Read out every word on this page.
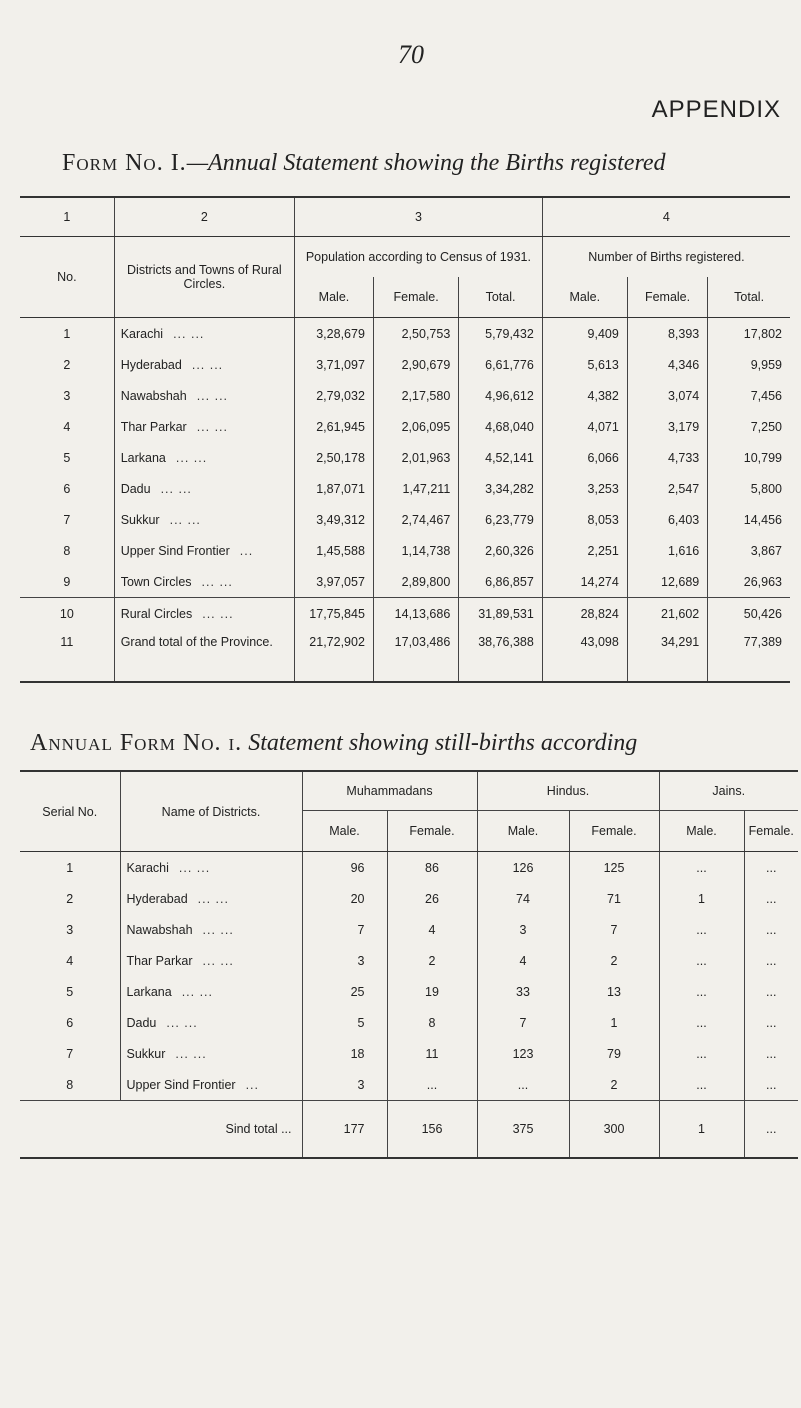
70
APPENDIX
Form No. I.—Annual Statement showing the Births registered
1	2	3			4		
No.	Districts and Towns of Rural Circles.	Population according to Census of 1931.			Number of Births registered.		
		Male.	Female.	Total.	Male.	Female.	Total.
1	Karachi ... ...	3,28,679	2,50,753	5,79,432	9,409	8,393	17,802
2	Hyderabad ... ...	3,71,097	2,90,679	6,61,776	5,613	4,346	9,959
3	Nawabshah ... ...	2,79,032	2,17,580	4,96,612	4,382	3,074	7,456
4	Thar Parkar ... ...	2,61,945	2,06,095	4,68,040	4,071	3,179	7,250
5	Larkana ... ...	2,50,178	2,01,963	4,52,141	6,066	4,733	10,799
6	Dadu ... ...	1,87,071	1,47,211	3,34,282	3,253	2,547	5,800
7	Sukkur ... ...	3,49,312	2,74,467	6,23,779	8,053	6,403	14,456
8	Upper Sind Frontier ...	1,45,588	1,14,738	2,60,326	2,251	1,616	3,867
9	Town Circles ... ...	3,97,057	2,89,800	6,86,857	14,274	12,689	26,963
10	Rural Circles ... ...	17,75,845	14,13,686	31,89,531	28,824	21,602	50,426
11	Grand total of the Province.	21,72,902	17,03,486	38,76,388	43,098	34,291	77,389
Annual Form No. i. Statement showing still-births according
Serial No.	Name of Districts.	Muhammadans		Hindus.		Jains.	
		Male.	Female.	Male.	Female.	Male.	Female.
1	Karachi ... ...	96	86	126	125	...	...
2	Hyderabad ... ...	20	26	74	71	1	...
3	Nawabshah ... ...	7	4	3	7	...	...
4	Thar Parkar ... ...	3	2	4	2	...	...
5	Larkana ... ...	25	19	33	13	...	...
6	Dadu ... ...	5	8	7	1	...	...
7	Sukkur ... ...	18	11	123	79	...	...
8	Upper Sind Frontier ...	3	...	...	2	...	...
Sind total ...		177	156	375	300	1	...
